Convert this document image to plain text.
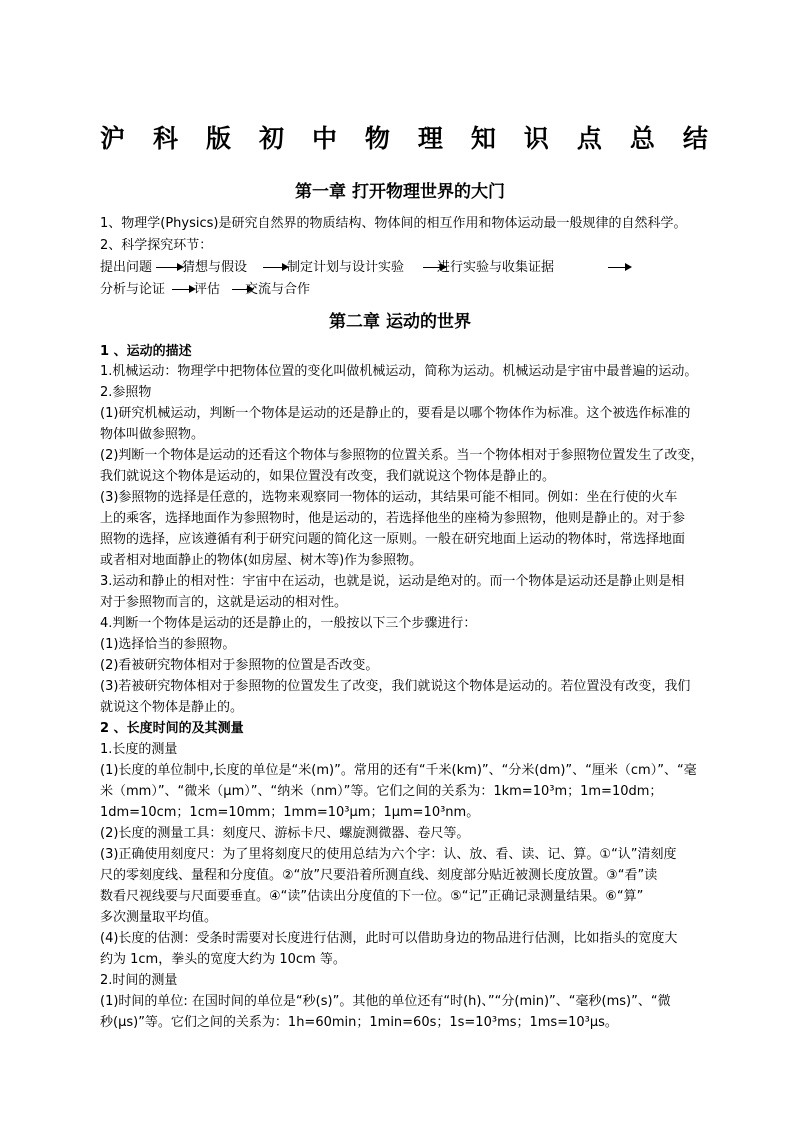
沪 科 版 初 中 物 理 知 识 点 总 结
第一章 打开物理世界的大门
1、物理学(Physics)是研究自然界的物质结构、物体间的相互作用和物体运动最一般规律的自然科学。
2、科学探究环节：
提出问题 猜想与假设	制定计划与设计实验	进行实验与收集证据
分析与论证 评估 交流与合作
第二章 运动的世界
1 、运动的描述
1.机械运动：物理学中把物体位置的变化叫做机械运动，简称为运动。机械运动是宇宙中最普遍的运动。
2.参照物
(1)研究机械运动，判断一个物体是运动的还是静止的，要看是以哪个物体作为标准。这个被选作标准的
物体叫做参照物。
(2)判断一个物体是运动的还看这个物体与参照物的位置关系。当一个物体相对于参照物位置发生了改变，
我们就说这个物体是运动的，如果位置没有改变，我们就说这个物体是静止的。
(3)参照物的选择是任意的，选物来观察同一物体的运动，其结果可能不相同。例如：坐在行使的火车
上的乘客，选择地面作为参照物时，他是运动的，若选择他坐的座椅为参照物，他则是静止的。对于参
照物的选择，应该遵循有利于研究问题的简化这一原则。一般在研究地面上运动的物体时，常选择地面
或者相对地面静止的物体(如房屋、树木等)作为参照物。
3.运动和静止的相对性：宇宙中在运动，也就是说，运动是绝对的。而一个物体是运动还是静止则是相
对于参照物而言的，这就是运动的相对性。
4.判断一个物体是运动的还是静止的，一般按以下三个步骤进行：
(1)选择恰当的参照物。
(2)看被研究物体相对于参照物的位置是否改变。
(3)若被研究物体相对于参照物的位置发生了改变，我们就说这个物体是运动的。若位置没有改变，我们
就说这个物体是静止的。
2 、长度时间的及其测量
1.长度的测量
(1)长度的单位制中,长度的单位是“米(m)”。常用的还有“千米(km)”、“分米(dm)”、“厘米（cm）”、“毫
米（mm）”、“微米（μm）”、“纳米（nm）”等。它们之间的关系为：1km=10³m；1m=10dm；
1dm=10cm；1cm=10mm；1mm=10³μm；1μm=10³nm。
(2)长度的测量工具：刻度尺、游标卡尺、螺旋测微器、卷尺等。
(3)正确使用刻度尺：为了里将刻度尺的使用总结为六个字：认、放、看、读、记、算。①“认”清刻度
尺的零刻度线、量程和分度值。②“放”尺要沿着所测直线、刻度部分贴近被测长度放置。③“看”读
数看尺视线要与尺面要垂直。④“读”估读出分度值的下一位。⑤“记”正确记录测量结果。⑥“算”
多次测量取平均值。
(4)长度的估测：受条时需要对长度进行估测，此时可以借助身边的物品进行估测，比如指头的宽度大
约为 1cm，拳头的宽度大约为 10cm 等。
2.时间的测量
(1)时间的单位: 在国时间的单位是“秒(s)”。其他的单位还有“时(h)、”“分(min)”、“毫秒(ms)”、“微
秒(μs)”等。它们之间的关系为：1h=60min；1min=60s；1s=10³ms；1ms=10³μs。
